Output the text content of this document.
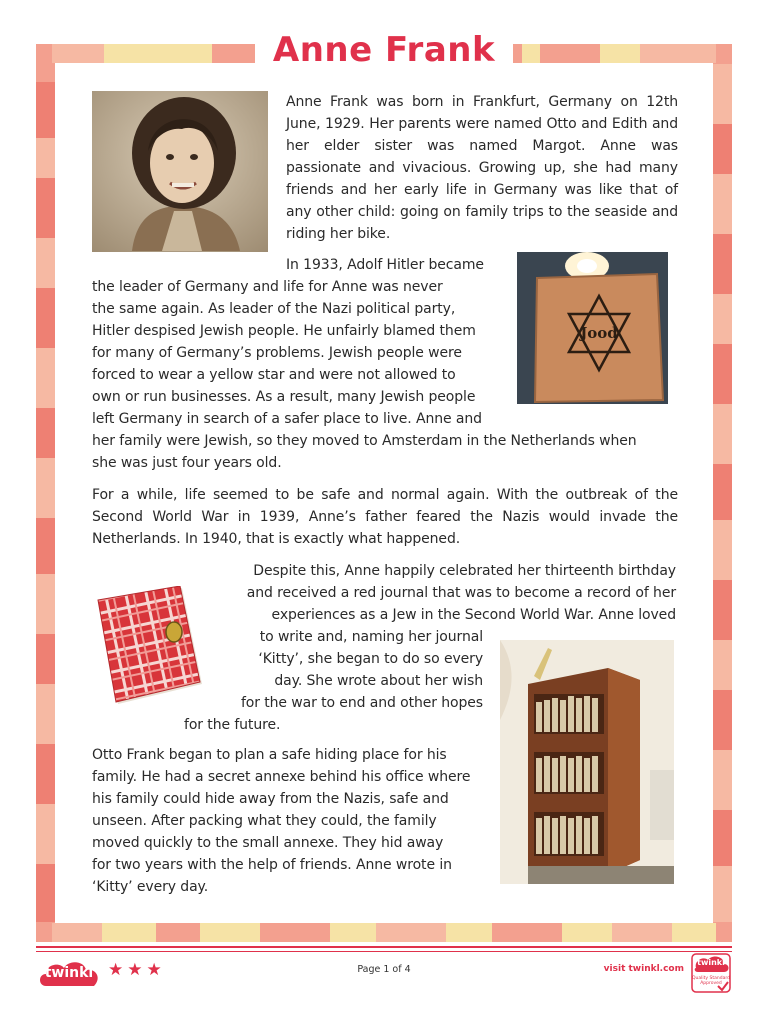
Anne Frank
Anne Frank was born in Frankfurt, Germany on 12th June, 1929. Her parents were named Otto and Edith and her elder sister was named Margot. Anne was passionate and vivacious. Growing up, she had many friends and her early life in Germany was like that of any other child: going on family trips to the seaside and riding her bike.
Jood
In 1933, Adolf Hitler became
the leader of Germany and life for Anne was never
the same again. As leader of the Nazi political party,
Hitler despised Jewish people. He unfairly blamed them
for many of Germany’s problems. Jewish people were
forced to wear a yellow star and were not allowed to
own or run businesses. As a result, many Jewish people
left Germany in search of a safer place to live. Anne and
her family were Jewish, so they moved to Amsterdam in the Netherlands when
she was just four years old.
For a while, life seemed to be safe and normal again. With the outbreak of the Second World War in 1939, Anne’s father feared the Nazis would invade the Netherlands. In 1940, that is exactly what happened.
Despite this, Anne happily celebrated her thirteenth birthday
and received a red journal that was to become a record of her
experiences as a Jew in the Second World War. Anne loved
to write and, naming her journal
‘Kitty’, she began to do so every
day. She wrote about her wish
for the war to end and other hopes
for the future.
Otto Frank began to plan a safe hiding place for his
family. He had a secret annexe behind his office where
his family could hide away from the Nazis, safe and
unseen. After packing what they could, the family
moved quickly to the small annexe. They hid away
for two years with the help of friends. Anne wrote in
‘Kitty’ every day.
twinkl ★ ★ ★	Page 1 of 4	visit twinkl.com
twinkl
Quality Standard Approved
